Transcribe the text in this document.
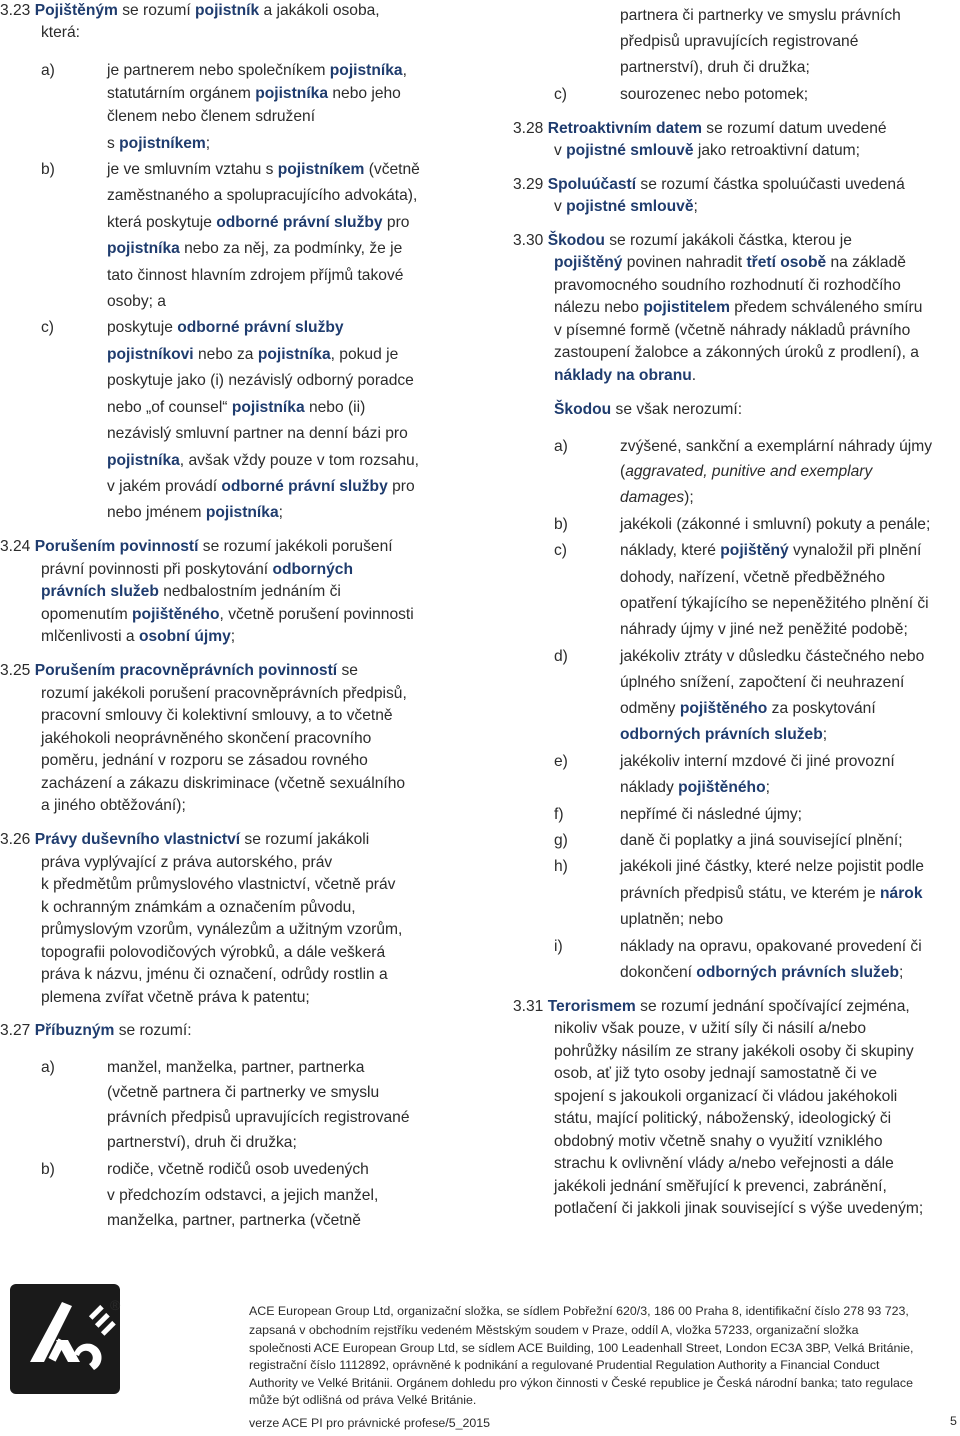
3.23 Pojištěným se rozumí pojistník a jakákoli osoba,
která:
a)	je partnerem nebo společníkem pojistníka,
statutárním orgánem pojistníka nebo jeho
členem nebo členem sdružení
s pojistníkem;
b)	je ve smluvním vztahu s pojistníkem (včetně
zaměstnaného a spolupracujícího advokáta),
která poskytuje odborné právní služby pro
pojistníka nebo za něj, za podmínky, že je
tato činnost hlavním zdrojem příjmů takové
osoby; a
c)	poskytuje odborné právní služby
pojistníkovi nebo za pojistníka, pokud je
poskytuje jako (i) nezávislý odborný poradce
nebo „of counsel“ pojistníka nebo (ii)
nezávislý smluvní partner na denní bázi pro
pojistníka, avšak vždy pouze v tom rozsahu,
v jakém provádí odborné právní služby pro
nebo jménem pojistníka;
3.24 Porušením povinností se rozumí jakékoli porušení
právní povinnosti při poskytování odborných
právních služeb nedbalostním jednáním či
opomenutím pojištěného, včetně porušení povinnosti
mlčenlivosti a osobní újmy;
3.25 Porušením pracovněprávních povinností se
rozumí jakékoli porušení pracovněprávních předpisů,
pracovní smlouvy či kolektivní smlouvy, a to včetně
jakéhokoli neoprávněného skončení pracovního
poměru, jednání v rozporu se zásadou rovného
zacházení a zákazu diskriminace (včetně sexuálního
a jiného obtěžování);
3.26 Právy duševního vlastnictví se rozumí jakákoli
práva vyplývající z práva autorského, práv
k předmětům průmyslového vlastnictví, včetně práv
k ochranným známkám a označením původu,
průmyslovým vzorům, vynálezům a užitným vzorům,
topografii polovodičových výrobků, a dále veškerá
práva k názvu, jménu či označení, odrůdy rostlin a
plemena zvířat včetně práva k patentu;
3.27 Příbuzným se rozumí:
a)	manžel, manželka, partner, partnerka
(včetně partnera či partnerky ve smyslu
právních předpisů upravujících registrované
partnerství), druh či družka;
b)	rodiče, včetně rodičů osob uvedených
v předchozím odstavci, a jejich manžel,
manželka, partner, partnerka (včetně
partnera či partnerky ve smyslu právních
předpisů upravujících registrované
partnerství), druh či družka;
c)	sourozenec nebo potomek;
3.28 Retroaktivním datem se rozumí datum uvedené
v pojistné smlouvě jako retroaktivní datum;
3.29 Spoluúčastí se rozumí částka spoluúčasti uvedená
v pojistné smlouvě;
3.30 Škodou se rozumí jakákoli částka, kterou je
pojištěný povinen nahradit třetí osobě na základě
pravomocného soudního rozhodnutí či rozhodčího
nálezu nebo pojistitelem předem schváleného smíru
v písemné formě (včetně náhrady nákladů právního
zastoupení žalobce a zákonných úroků z prodlení), a
náklady na obranu.
Škodou se však nerozumí:
a)	zvýšené, sankční a exemplární náhrady újmy
(aggravated, punitive and exemplary
damages);
b)	jakékoli (zákonné i smluvní) pokuty a penále;
c)	náklady, které pojištěný vynaložil při plnění
dohody, nařízení, včetně předběžného
opatření týkajícího se nepeněžitého plnění či
náhrady újmy v jiné než peněžité podobě;
d)	jakékoliv ztráty v důsledku částečného nebo
úplného snížení, započtení či neuhrazení
odměny pojištěného za poskytování
odborných právních služeb;
e)	jakékoliv interní mzdové či jiné provozní
náklady pojištěného;
f)	nepřímé či následné újmy;
g)	daně či poplatky a jiná související plnění;
h)	jakékoli jiné částky, které nelze pojistit podle
právních předpisů státu, ve kterém je nárok
uplatněn; nebo
i)	náklady na opravu, opakované provedení či
dokončení odborných právních služeb;
3.31 Terorismem se rozumí jednání spočívající zejména,
nikoliv však pouze, v užití síly či násilí a/nebo
pohrůžky násilím ze strany jakékoli osoby či skupiny
osob, ať již tyto osoby jednají samostatně či ve
spojení s jakoukoli organizací či vládou jakéhokoli
státu, mající politický, náboženský, ideologický či
obdobný motiv včetně snahy o využití vzniklého
strachu k ovlivnění vlády a/nebo veřejnosti a dále
jakékoli jednání směřující k prevenci, zabránění,
potlačení či jakkoli jinak související s výše uvedeným;
®	ACE European Group Ltd, organizační složka, se sídlem Pobřežní 620/3, 186 00 Praha 8, identifikační číslo 278 93 723,
zapsaná v obchodním rejstříku vedeném Městským soudem v Praze, oddíl A, vložka 57233, organizační složka
společnosti ACE European Group Ltd, se sídlem ACE Building, 100 Leadenhall Street, London EC3A 3BP, Velká Británie,
registrační číslo 1112892, oprávněné k podnikání a regulované Prudential Regulation Authority a Financial Conduct
Authority ve Velké Británii. Orgánem dohledu pro výkon činnosti v České republice je Česká národní banka; tato regulace
může být odlišná od práva Velké Británie.
verze ACE PI pro právnické profese/5_2015	5
